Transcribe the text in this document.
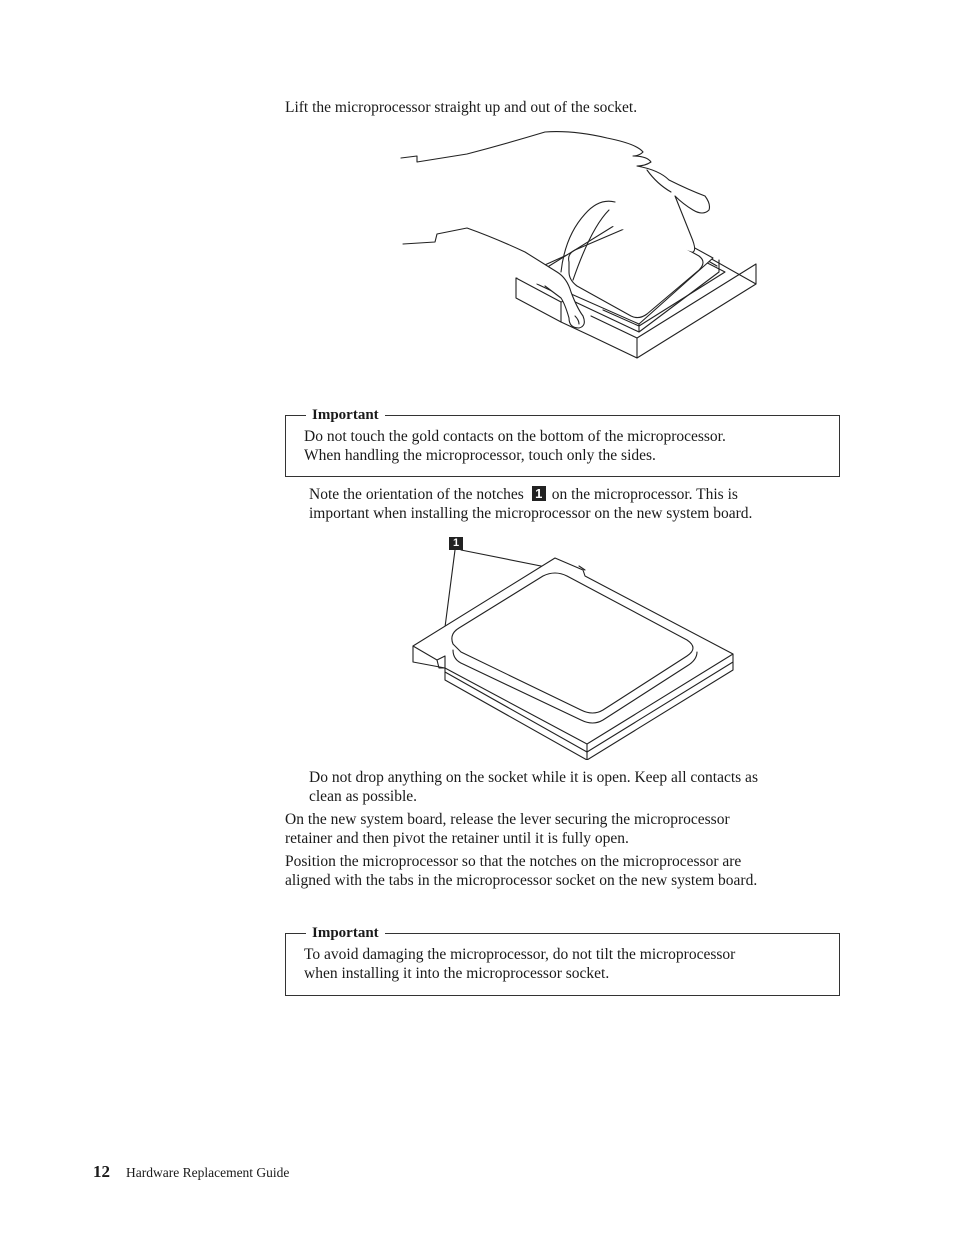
Lift the microprocessor straight up and out of the socket.
Important
Do not touch the gold contacts on the bottom of the microprocessor.
When handling the microprocessor, touch only the sides.
Note the orientation of the notches 1 on the microprocessor. This is
important when installing the microprocessor on the new system board.
1
Do not drop anything on the socket while it is open. Keep all contacts as
clean as possible.
On the new system board, release the lever securing the microprocessor
retainer and then pivot the retainer until it is fully open.
Position the microprocessor so that the notches on the microprocessor are
aligned with the tabs in the microprocessor socket on the new system board.
Important
To avoid damaging the microprocessor, do not tilt the microprocessor
when installing it into the microprocessor socket.
12 Hardware Replacement Guide
